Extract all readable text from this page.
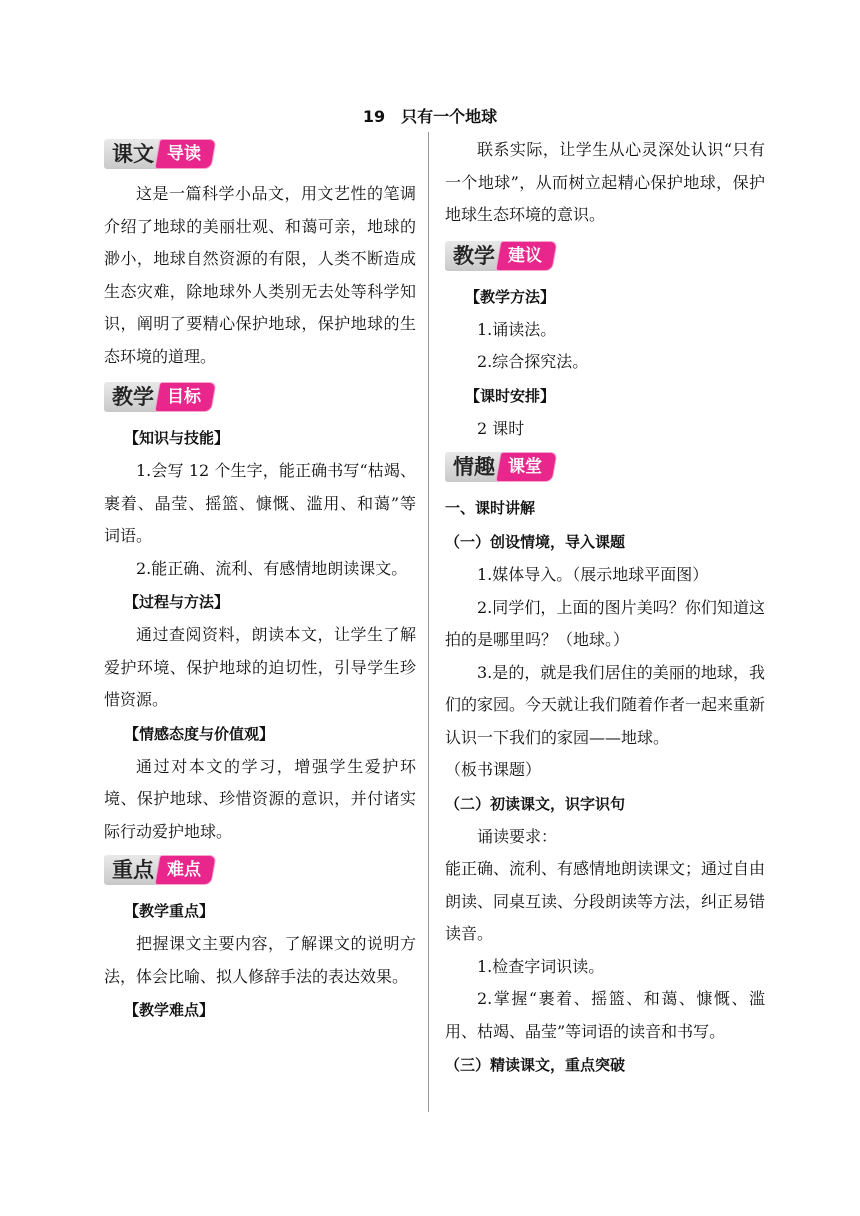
19　只有一个地球
课文 导读

这是一篇科学小品文，用文艺性的笔调介绍了地球的美丽壮观、和蔼可亲，地球的渺小，地球自然资源的有限，人类不断造成生态灾难，除地球外人类别无去处等科学知识，阐明了要精心保护地球，保护地球的生态环境的道理。

教学 目标

【知识与技能】

1.会写 12 个生字，能正确书写“枯竭、裹着、晶莹、摇篮、慷慨、滥用、和蔼”等词语。

2.能正确、流利、有感情地朗读课文。

【过程与方法】

通过查阅资料，朗读本文，让学生了解爱护环境、保护地球的迫切性，引导学生珍惜资源。

【情感态度与价值观】

通过对本文的学习，增强学生爱护环境、保护地球、珍惜资源的意识，并付诸实际行动爱护地球。

重点 难点

【教学重点】

把握课文主要内容，了解课文的说明方法，体会比喻、拟人修辞手法的表达效果。

【教学难点】

联系实际，让学生从心灵深处认识“只有一个地球”，从而树立起精心保护地球，保护地球生态环境的意识。

教学 建议

【教学方法】

1.诵读法。

2.综合探究法。

【课时安排】

2 课时

情趣 课堂

一、课时讲解

（一）创设情境，导入课题

1.媒体导入。（展示地球平面图）

2.同学们，上面的图片美吗？你们知道这拍的是哪里吗？（地球。）

3.是的，就是我们居住的美丽的地球，我们的家园。今天就让我们随着作者一起来重新认识一下我们的家园——地球。

（板书课题）

（二）初读课文，识字识句

诵读要求：

能正确、流利、有感情地朗读课文；通过自由朗读、同桌互读、分段朗读等方法，纠正易错读音。

1.检查字词识读。

2.掌握“裹着、摇篮、和蔼、慷慨、滥用、枯竭、晶莹”等词语的读音和书写。

（三）精读课文，重点突破
